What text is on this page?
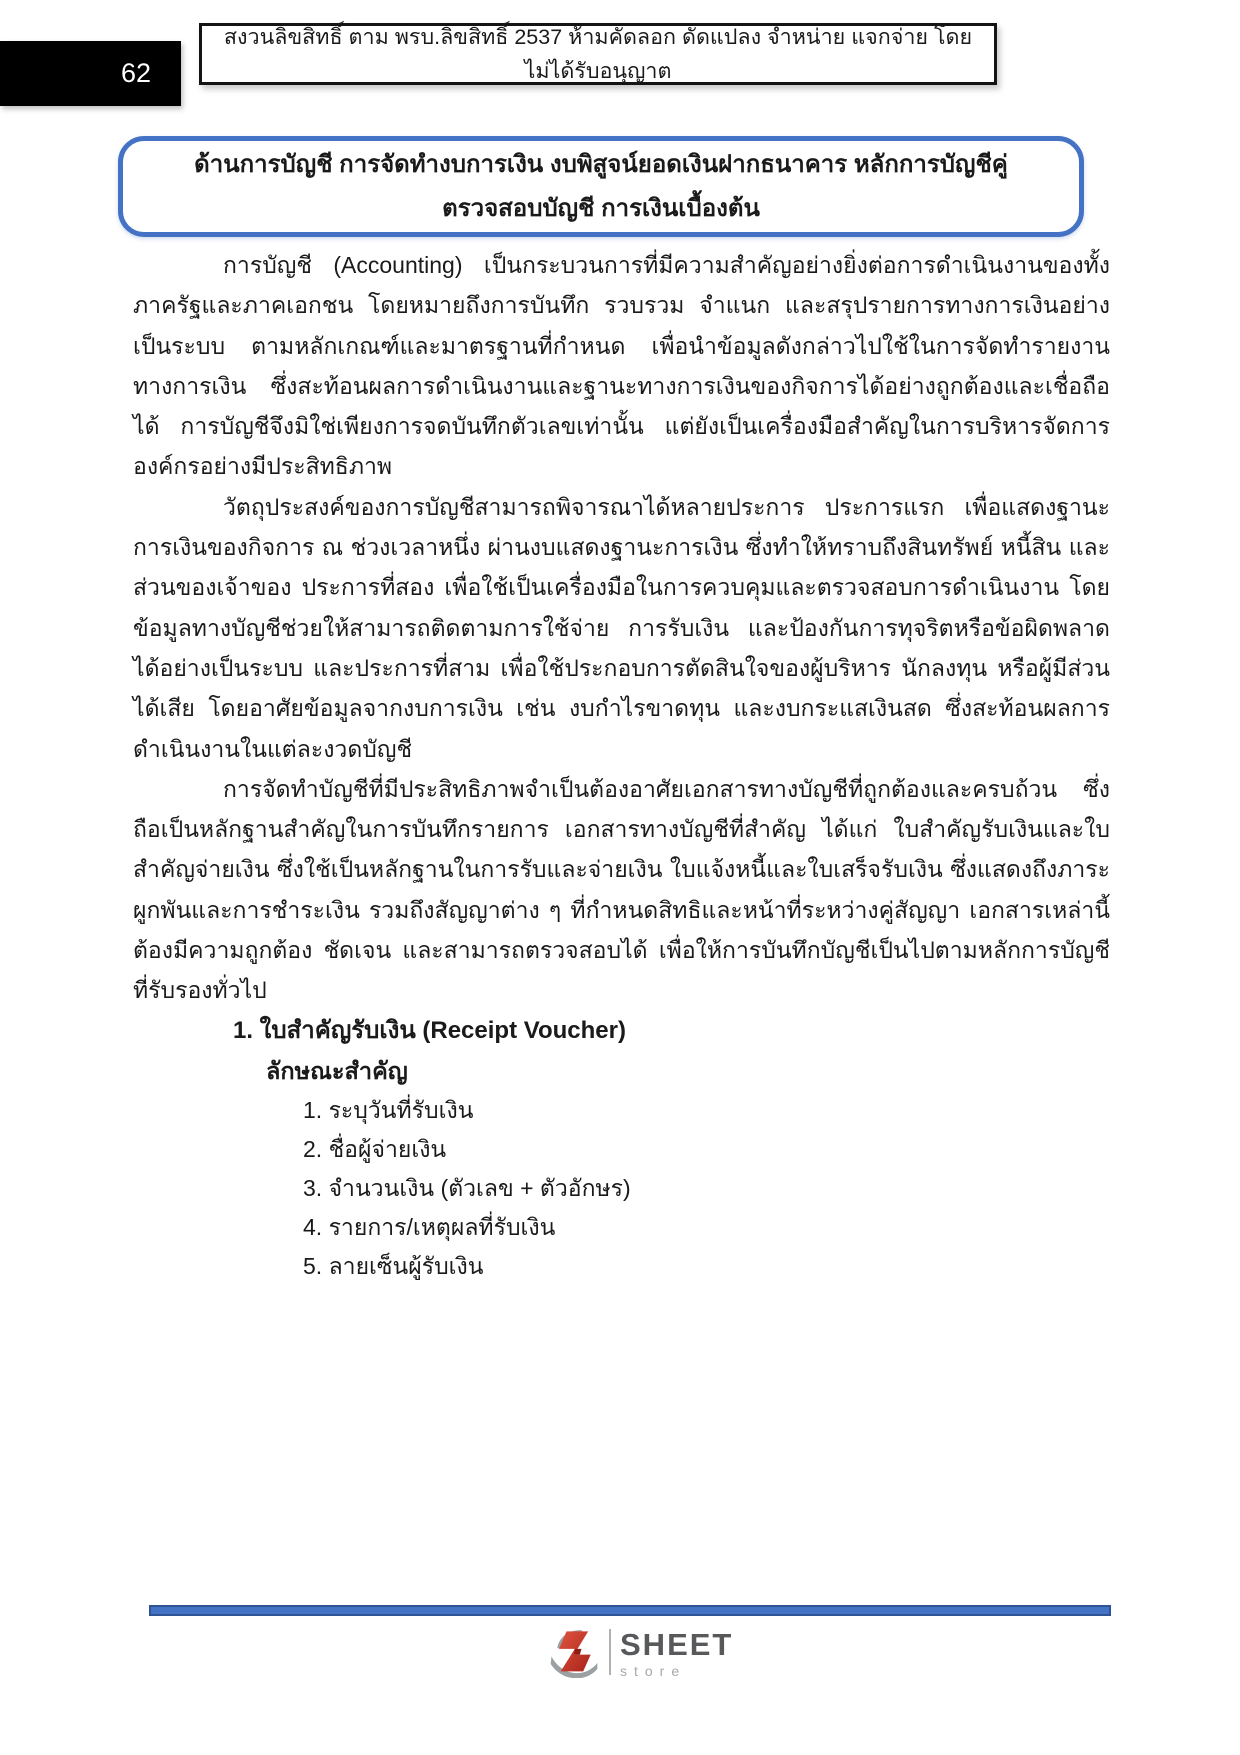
62
สงวนลิขสิทธิ์ ตาม พรบ.ลิขสิทธิ์ 2537 ห้ามคัดลอก ดัดแปลง จำหน่าย แจกจ่าย โดยไม่ได้รับอนุญาต
ด้านการบัญชี การจัดทำงบการเงิน งบพิสูจน์ยอดเงินฝากธนาคาร หลักการบัญชีคู่ตรวจสอบบัญชี การเงินเบื้องต้น

การบัญชี (Accounting) เป็นกระบวนการที่มีความสำคัญอย่างยิ่งต่อการดำเนินงานของทั้งภาครัฐและภาคเอกชน โดยหมายถึงการบันทึก รวบรวม จำแนก และสรุปรายการทางการเงินอย่างเป็นระบบ ตามหลักเกณฑ์และมาตรฐานที่กำหนด เพื่อนำข้อมูลดังกล่าวไปใช้ในการจัดทำรายงานทางการเงิน ซึ่งสะท้อนผลการดำเนินงานและฐานะทางการเงินของกิจการได้อย่างถูกต้องและเชื่อถือได้ การบัญชีจึงมิใช่เพียงการจดบันทึกตัวเลขเท่านั้น แต่ยังเป็นเครื่องมือสำคัญในการบริหารจัดการองค์กรอย่างมีประสิทธิภาพ

วัตถุประสงค์ของการบัญชีสามารถพิจารณาได้หลายประการ ประการแรก เพื่อแสดงฐานะการเงินของกิจการ ณ ช่วงเวลาหนึ่ง ผ่านงบแสดงฐานะการเงิน ซึ่งทำให้ทราบถึงสินทรัพย์ หนี้สิน และส่วนของเจ้าของ ประการที่สอง เพื่อใช้เป็นเครื่องมือในการควบคุมและตรวจสอบการดำเนินงาน โดยข้อมูลทางบัญชีช่วยให้สามารถติดตามการใช้จ่าย การรับเงิน และป้องกันการทุจริตหรือข้อผิดพลาดได้อย่างเป็นระบบ และประการที่สาม เพื่อใช้ประกอบการตัดสินใจของผู้บริหาร นักลงทุน หรือผู้มีส่วนได้เสีย โดยอาศัยข้อมูลจากงบการเงิน เช่น งบกำไรขาดทุน และงบกระแสเงินสด ซึ่งสะท้อนผลการดำเนินงานในแต่ละงวดบัญชี

การจัดทำบัญชีที่มีประสิทธิภาพจำเป็นต้องอาศัยเอกสารทางบัญชีที่ถูกต้องและครบถ้วน ซึ่งถือเป็นหลักฐานสำคัญในการบันทึกรายการ เอกสารทางบัญชีที่สำคัญ ได้แก่ ใบสำคัญรับเงินและใบสำคัญจ่ายเงิน ซึ่งใช้เป็นหลักฐานในการรับและจ่ายเงิน ใบแจ้งหนี้และใบเสร็จรับเงิน ซึ่งแสดงถึงภาระผูกพันและการชำระเงิน รวมถึงสัญญาต่าง ๆ ที่กำหนดสิทธิและหน้าที่ระหว่างคู่สัญญา เอกสารเหล่านี้ต้องมีความถูกต้อง ชัดเจน และสามารถตรวจสอบได้ เพื่อให้การบันทึกบัญชีเป็นไปตามหลักการบัญชีที่รับรองทั่วไป

1. ใบสำคัญรับเงิน (Receipt Voucher)
ลักษณะสำคัญ
1. ระบุวันที่รับเงิน
2. ชื่อผู้จ่ายเงิน
3. จำนวนเงิน (ตัวเลข + ตัวอักษร)
4. รายการ/เหตุผลที่รับเงิน
5. ลายเซ็นผู้รับเงิน
SHEET
store
